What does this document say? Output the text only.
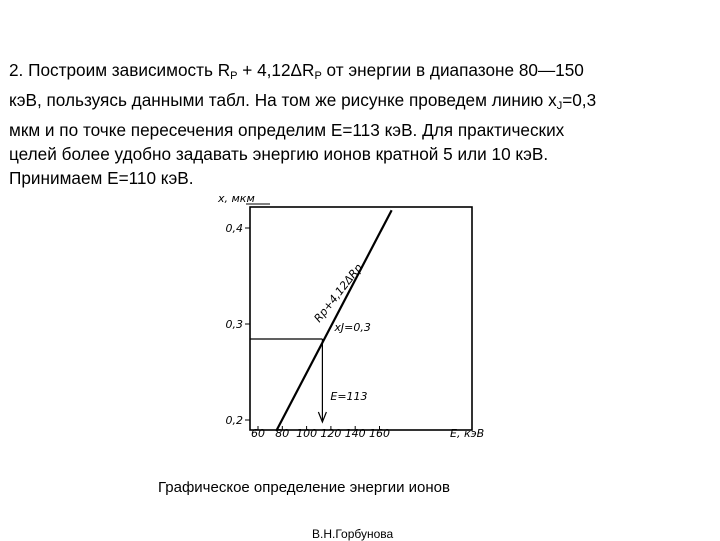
2. Построим зависимость $R_P + 4,12\Delta R_P$ от энергии в диапазоне 80—150
кэВ, пользуясь данными табл. На том же рисунке проведем линию $x_J=0,3$
мкм и по точке пересечения определим Е=113 кэВ. Для практических
целей более удобно задавать энергию ионов кратной 5 или 10 кэВ.
Принимаем Е=110 кэВ.

0,2
0,3
0,4
60 80 100 120 140 160
Rp+4,12ΔRp
xJ=0,3
E=113
x, мкм
E, кэВ
Графическое определение энергии ионов
В.Н.Горбунова
